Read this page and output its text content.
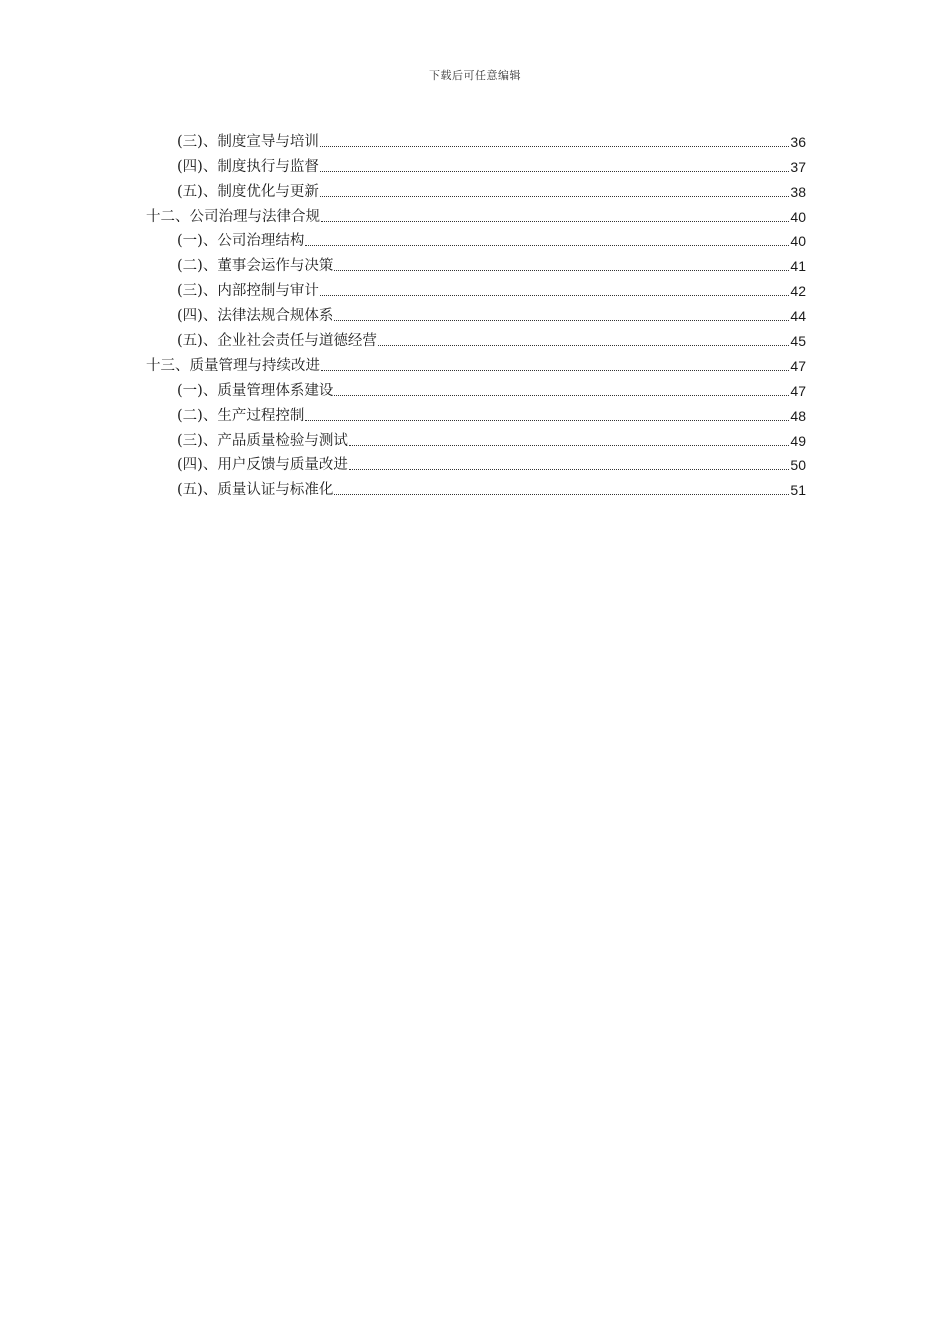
下载后可任意编辑
(三)、制度宣导与培训	36
(四)、制度执行与监督	37
(五)、制度优化与更新	38
十二、公司治理与法律合规	40
(一)、公司治理结构	40
(二)、董事会运作与决策	41
(三)、内部控制与审计	42
(四)、法律法规合规体系	44
(五)、企业社会责任与道德经营	45
十三、质量管理与持续改进	47
(一)、质量管理体系建设	47
(二)、生产过程控制	48
(三)、产品质量检验与测试	49
(四)、用户反馈与质量改进	50
(五)、质量认证与标准化	51
